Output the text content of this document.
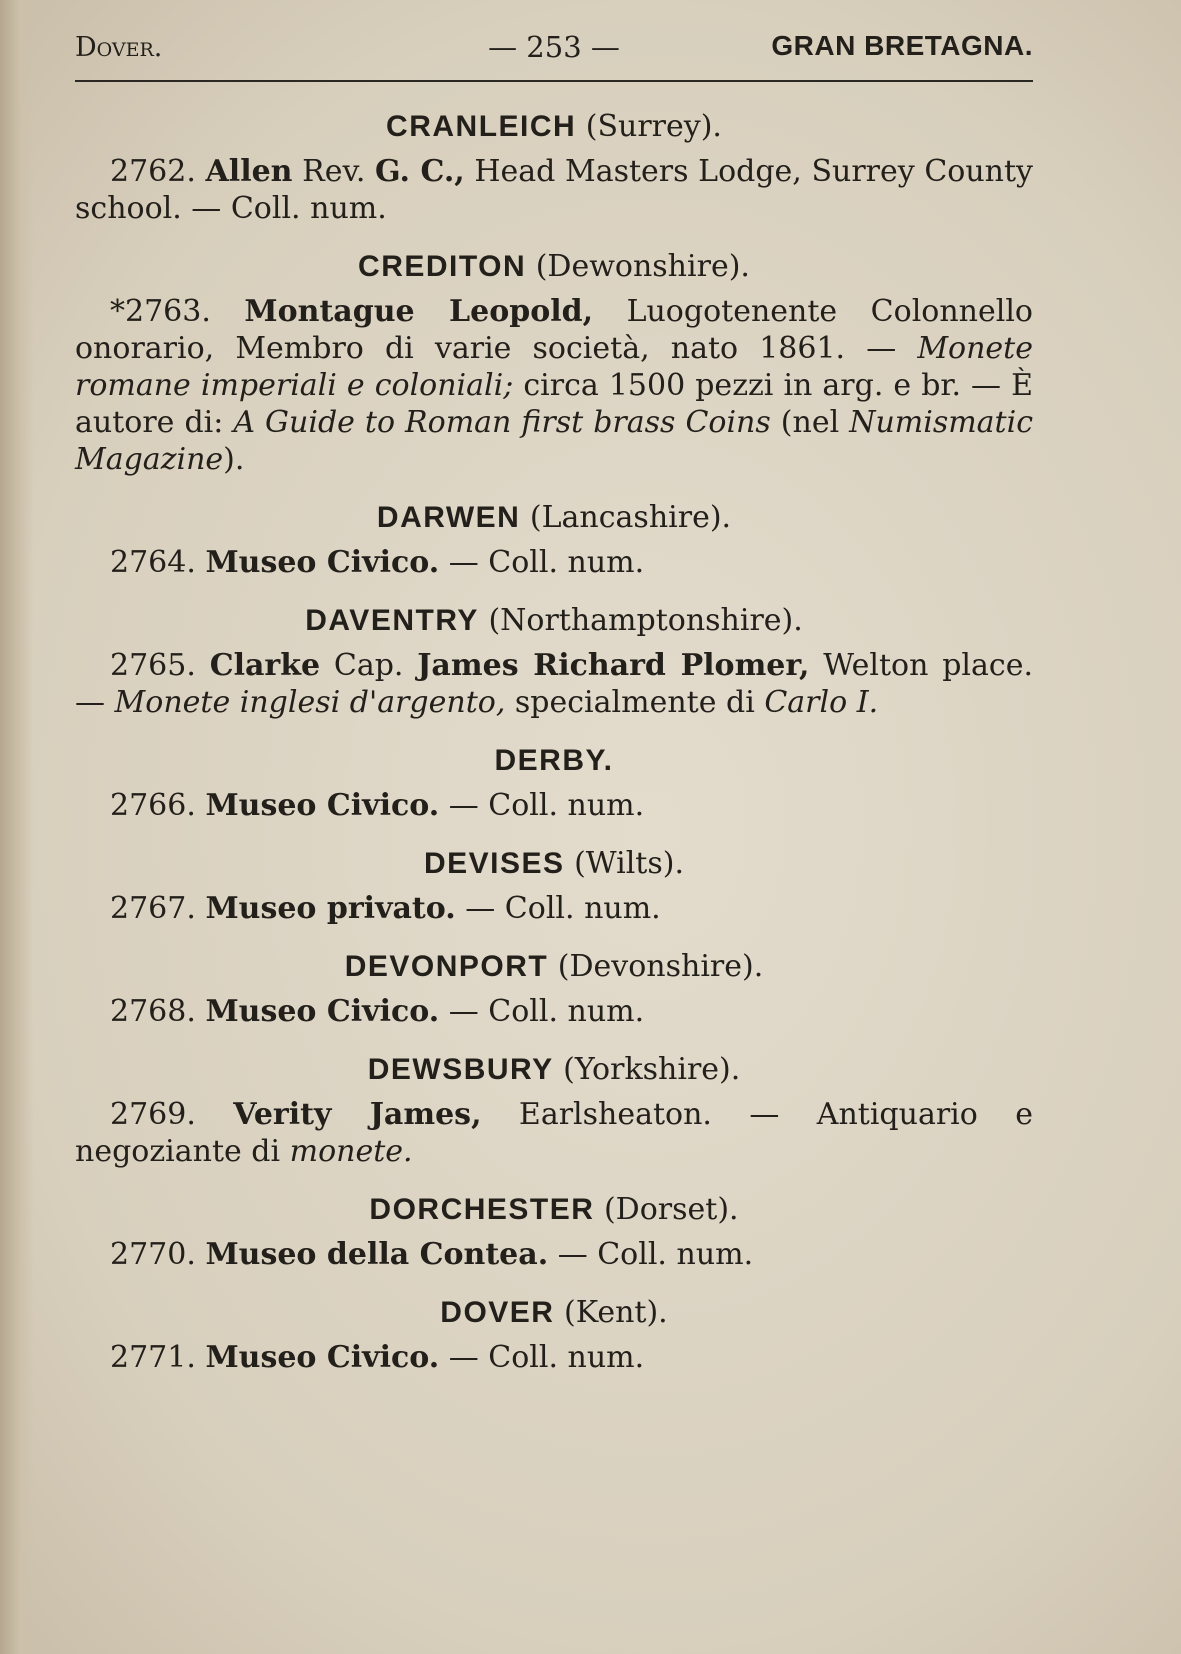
Dover.	— 253 —	GRAN BRETAGNA.
CRANLEICH (Surrey).

2762. Allen Rev. G. C., Head Masters Lodge, Surrey County school. — Coll. num.

CREDITON (Dewonshire).

*2763. Montague Leopold, Luogotenente Colonnello onorario, Membro di varie società, nato 1861. — Monete romane imperiali e coloniali; circa 1500 pezzi in arg. e br. — È autore di: A Guide to Roman first brass Coins (nel Numismatic Magazine).

DARWEN (Lancashire).

2764. Museo Civico. — Coll. num.

DAVENTRY (Northamptonshire).

2765. Clarke Cap. James Richard Plomer, Welton place. — Monete inglesi d'argento, specialmente di Carlo I.

DERBY.

2766. Museo Civico. — Coll. num.

DEVISES (Wilts).

2767. Museo privato. — Coll. num.

DEVONPORT (Devonshire).

2768. Museo Civico. — Coll. num.

DEWSBURY (Yorkshire).

2769. Verity James, Earlsheaton. — Antiquario e negoziante di monete.

DORCHESTER (Dorset).

2770. Museo della Contea. — Coll. num.

DOVER (Kent).

2771. Museo Civico. — Coll. num.
